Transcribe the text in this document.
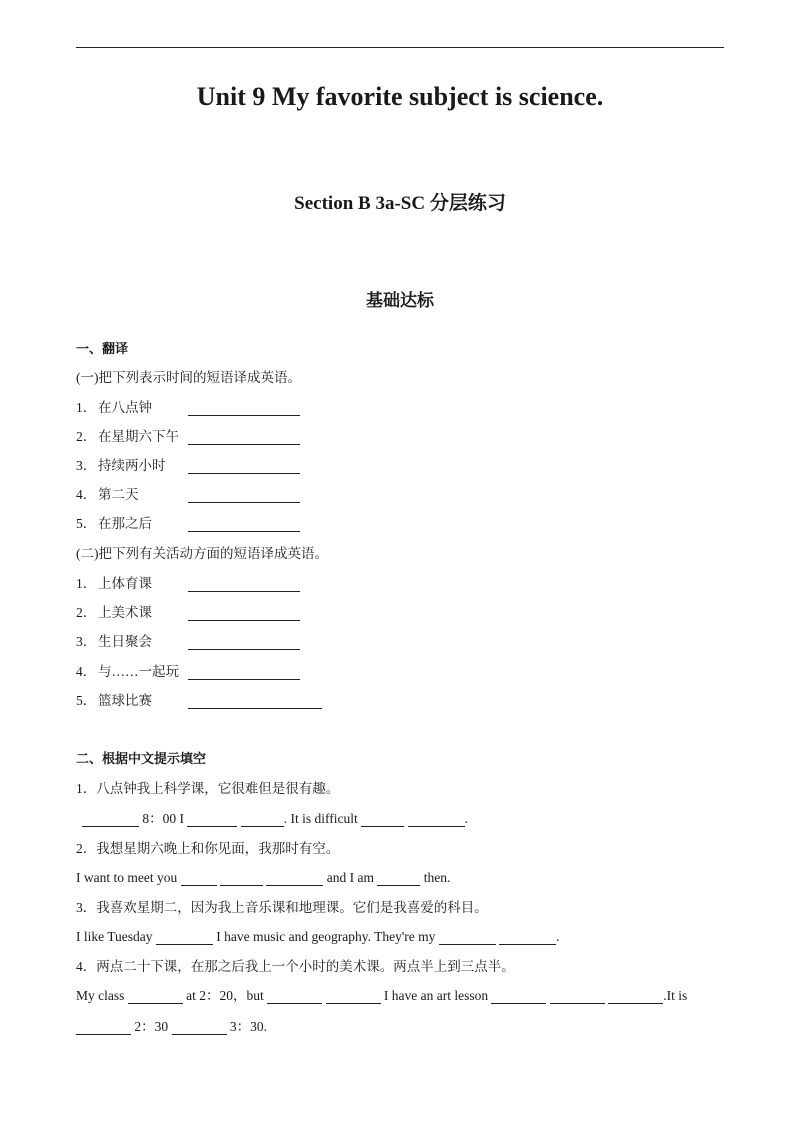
Unit 9 My favorite subject is science.
Section B 3a-SC 分层练习
基础达标
一、翻译
(一)把下列表示时间的短语译成英语。
1． 在八点钟
2． 在星期六下午
3． 持续两小时
4． 第二天
5． 在那之后
(二)把下列有关活动方面的短语译成英语。
1． 上体育课
2． 上美术课
3． 生日聚会
4． 与……一起玩
5． 篮球比赛
二、根据中文提示填空
1．八点钟我上科学课，它很难但是很有趣。
8：00 I	. It is difficult	.
2．我想星期六晚上和你见面，我那时有空。
I want to meet you	and I am	then.
3．我喜欢星期二，因为我上音乐课和地理课。它们是我喜爱的科目。
I like Tuesday	I have music and geography. They're my	.
4．两点二十下课，在那之后我上一个小时的美术课。两点半上到三点半。
My class	at 2：20，but	I have an art lesson	.It is
2：30	3：30.
